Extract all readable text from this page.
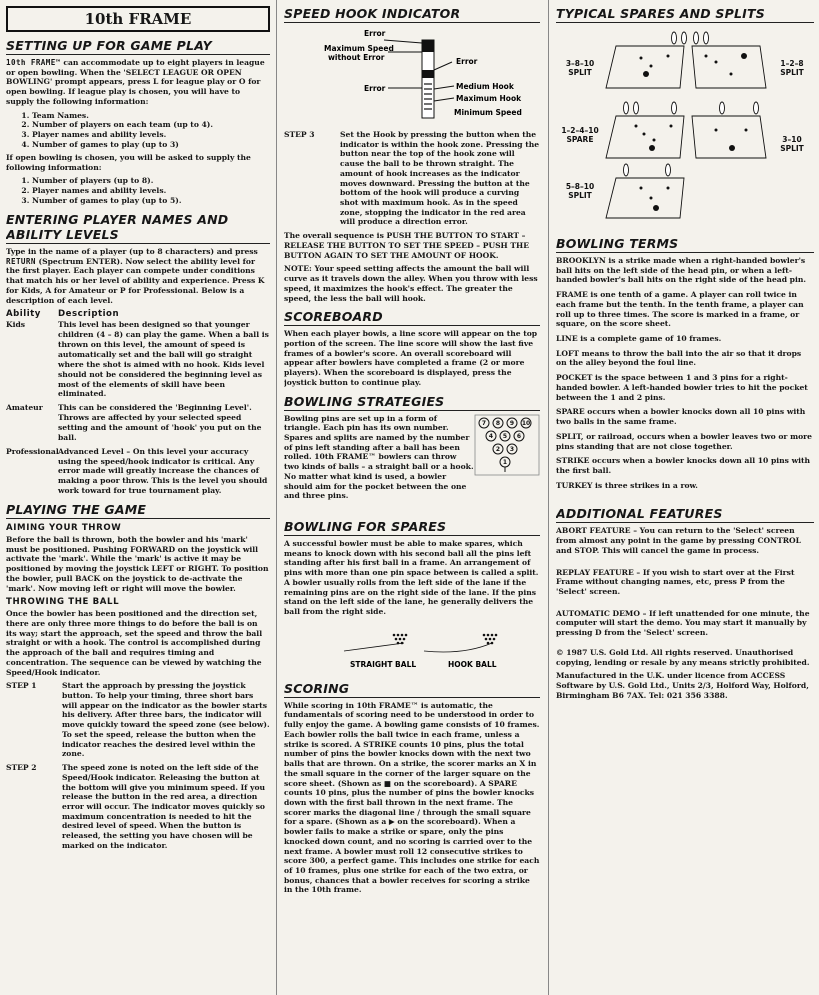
10th FRAME
SETTING UP FOR GAME PLAY

10th FRAME™ can accommodate up to eight players in league or open bowling. When the 'SELECT LEAGUE OR OPEN BOWLING' prompt appears, press L for league play or O for open bowling. If league play is chosen, you will have to supply the following information:

1. Team Names.
2. Number of players on each team (up to 4).
3. Player names and ability levels.
4. Number of games to play (up to 3)

If open bowling is chosen, you will be asked to supply the following information:

1. Number of players (up to 8).
2. Player names and ability levels.
3. Number of games to play (up to 5).
ENTERING PLAYER NAMES AND ABILITY LEVELS

Type in the name of a player (up to 8 characters) and press RETURN (Spectrum ENTER). Now select the ability level for the first player. Each player can compete under conditions that match his or her level of ability and experience. Press K for Kids, A for Amateur or P for Professional. Below is a description of each level.

Ability	Description
Kids	This level has been designed so that younger children (4 – 8) can play the game. When a ball is thrown on this level, the amount of speed is automatically set and the ball will go straight where the shot is aimed with no hook. Kids level should not be considered the beginning level as most of the elements of skill have been eliminated.
Amateur	This can be considered the 'Beginning Level'. Throws are affected by your selected speed setting and the amount of 'hook' you put on the ball.
Professional Advanced Level – On this level your accuracy using the speed/hook indicator is critical. Any error made will greatly increase the chances of making a poor throw. This is the level you should work toward for true tournament play.
PLAYING THE GAME
AIMING YOUR THROW

Before the ball is thrown, both the bowler and his 'mark' must be positioned. Pushing FORWARD on the joystick will activate the 'mark'. While the 'mark' is active it may be positioned by moving the joystick LEFT or RIGHT. To position the bowler, pull BACK on the joystick to de-activate the 'mark'. Now moving left or right will move the bowler.

THROWING THE BALL

Once the bowler has been positioned and the direction set, there are only three more things to do before the ball is on its way; start the approach, set the speed and throw the ball straight or with a hook. The control is accomplished during the approach of the ball and requires timing and concentration. The sequence can be viewed by watching the Speed/Hook indicator.

STEP 1	Start the approach by pressing the joystick button. To help your timing, three short bars will appear on the indicator as the bowler starts his delivery. After three bars, the indicator will move quickly toward the speed zone (see below). To set the speed, release the button when the indicator reaches the desired level within the zone.
STEP 2	The speed zone is noted on the left side of the Speed/Hook indicator. Releasing the button at the bottom will give you minimum speed. If you release the button in the red area, a direction error will occur. The indicator moves quickly so maximum concentration is needed to hit the desired level of speed. When the button is released, the setting you have chosen will be marked on the indicator.
SPEED HOOK INDICATOR
Error
Maximum Speed without Error	Error
Error	Medium Hook
Maximum Hook
Minimum Speed
STEP 3	Set the Hook by pressing the button when the indicator is within the hook zone. Pressing the button near the top of the hook zone will cause the ball to be thrown straight. The amount of hook increases as the indicator moves downward. Pressing the button at the bottom of the hook will produce a curving shot with maximum hook. As in the speed zone, stopping the indicator in the red area will produce a direction error.

The overall sequence is PUSH THE BUTTON TO START – RELEASE THE BUTTON TO SET THE SPEED – PUSH THE BUTTON AGAIN TO SET THE AMOUNT OF HOOK.

NOTE: Your speed setting affects the amount the ball will curve as it travels down the alley. When you throw with less speed, it maximizes the hook's effect. The greater the speed, the less the ball will hook.

SCOREBOARD

When each player bowls, a line score will appear on the top portion of the screen. The line score will show the last five frames of a bowler's score. An overall scoreboard will appear after bowlers have completed a frame (2 or more players). When the scoreboard is displayed, press the joystick button to continue play.

BOWLING STRATEGIES

Bowling pins are set up in a form of triangle. Each pin has its own number. Spares and splits are named by the number of pins left standing after a ball has been rolled. 10th FRAME™ bowlers can throw two kinds of balls – a straight ball or a hook. No matter what kind is used, a bowler should aim for the pocket between the one and three pins.

7 8 9 10
4 5 6
2 3
1
BOWLING FOR SPARES

A successful bowler must be able to make spares, which means to knock down with his second ball all the pins left standing after his first ball in a frame. An arrangement of pins with more than one pin space between is called a split. A bowler usually rolls from the left side of the lane if the remaining pins are on the right side of the lane. If the pins stand on the left side of the lane, he generally delivers the ball from the right side.

STRAIGHT BALL	HOOK BALL
SCORING

While scoring in 10th FRAME™ is automatic, the fundamentals of scoring need to be understood in order to fully enjoy the game. A bowling game consists of 10 frames. Each bowler rolls the ball twice in each frame, unless a strike is scored. A STRIKE counts 10 pins, plus the total number of pins the bowler knocks down with the next two balls that are thrown. On a strike, the scorer marks an X in the small square in the corner of the larger square on the score sheet. (Shown as ■ on the scoreboard). A SPARE counts 10 pins, plus the number of pins the bowler knocks down with the first ball thrown in the next frame. The scorer marks the diagonal line / through the small square for a spare. (Shown as a ▶ on the scoreboard). When a bowler fails to make a strike or spare, only the pins knocked down count, and no scoring is carried over to the next frame. A bowler must roll 12 consecutive strikes to score 300, a perfect game. This includes one strike for each of 10 frames, plus one strike for each of the two extra, or bonus, chances that a bowler receives for scoring a strike in the 10th frame.

TYPICAL SPARES AND SPLITS
3–8–10
SPLIT
1–2–8
SPLIT
1–2–4–10
SPARE	3–10
SPLIT
5–8–10
SPLIT
BOWLING TERMS
BROOKLYN is a strike made when a right-handed bowler's ball hits on the left side of the head pin, or when a left-handed bowler's ball hits on the right side of the head pin.
FRAME is one tenth of a game. A player can roll twice in each frame but the tenth. In the tenth frame, a player can roll up to three times. The score is marked in a frame, or square, on the score sheet.
LINE is a complete game of 10 frames.
LOFT means to throw the ball into the air so that it drops on the alley beyond the foul line.
POCKET is the space between 1 and 3 pins for a right-handed bowler. A left-handed bowler tries to hit the pocket between the 1 and 2 pins.
SPARE occurs when a bowler knocks down all 10 pins with two balls in the same frame.
SPLIT, or railroad, occurs when a bowler leaves two or more pins standing that are not close together.
STRIKE occurs when a bowler knocks down all 10 pins with the first ball.
TURKEY is three strikes in a row.
ADDITIONAL FEATURES

ABORT FEATURE – You can return to the 'Select' screen from almost any point in the game by pressing CONTROL and STOP. This will cancel the game in process.

REPLAY FEATURE – If you wish to start over at the First Frame without changing names, etc, press P from the 'Select' screen.

AUTOMATIC DEMO – If left unattended for one minute, the computer will start the demo. You may start it manually by pressing D from the 'Select' screen.

© 1987 U.S. Gold Ltd. All rights reserved. Unauthorised copying, lending or resale by any means strictly prohibited.

Manufactured in the U.K. under licence from ACCESS Software by U.S. Gold Ltd., Units 2/3, Holford Way, Holford, Birmingham B6 7AX. Tel: 021 356 3388.
